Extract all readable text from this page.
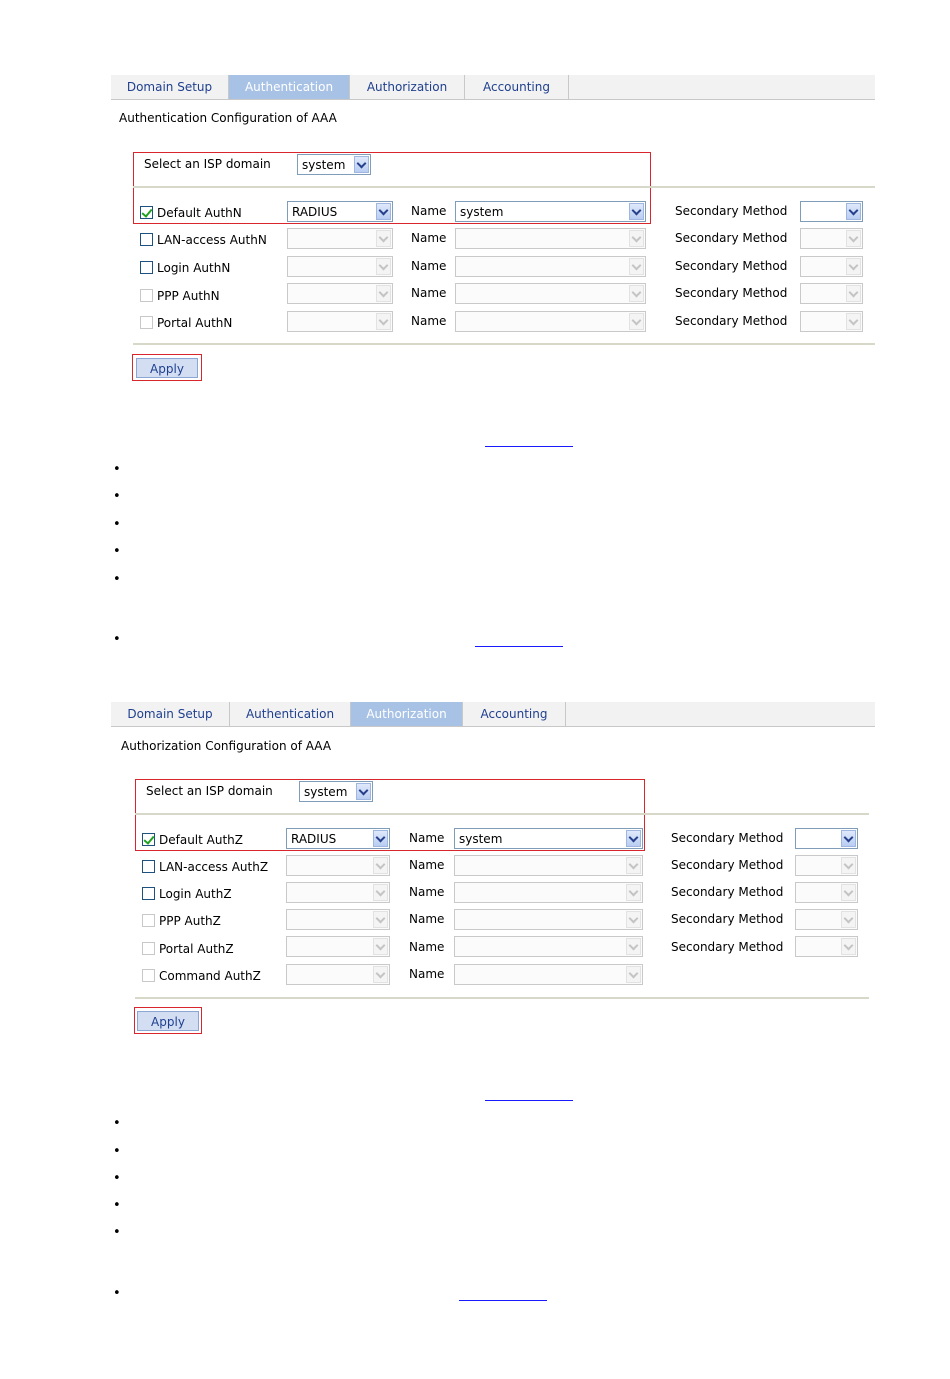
Domain Setup	Authentication	Authorization	Accounting
Authentication Configuration of AAA
Select an ISP domain	system
Default AuthN	RADIUS	Name system	Secondary Method
LAN-access AuthN	Name	Secondary Method
Login AuthN	Name	Secondary Method
PPP AuthN	Name	Secondary Method
Portal AuthN	Name	Secondary Method
Apply
•
•
•
•
•
•
Domain Setup	Authentication	Authorization	Accounting
Authorization Configuration of AAA
Select an ISP domain	system
Default AuthZ	RADIUS	Name system	Secondary Method
LAN-access AuthZ	Name	Secondary Method
Login AuthZ	Name	Secondary Method
PPP AuthZ	Name	Secondary Method
Portal AuthZ	Name	Secondary Method
Command AuthZ	Name
Apply
•
•
•
•
•
•
